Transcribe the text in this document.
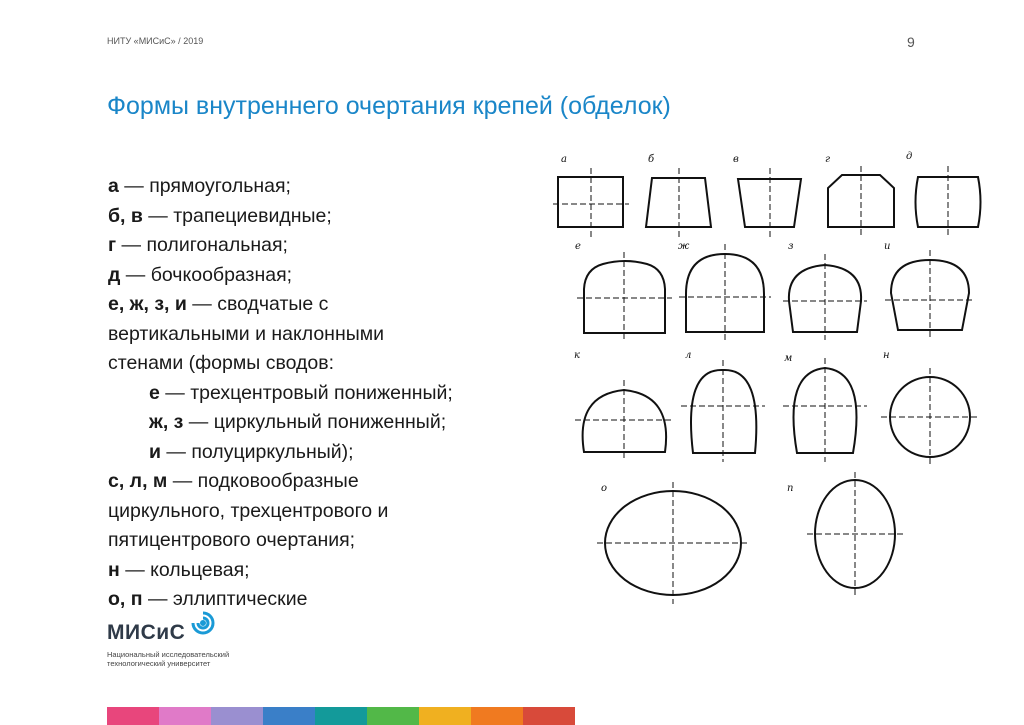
НИТУ «МИСиС» / 2019	9
Формы внутреннего очертания крепей (обделок)
а — прямоугольная;
б, в — трапециевидные;
г — полигональная;
д — бочкообразная;
е, ж, з, и — сводчатые с
вертикальными и наклонными
стенами (формы сводов:
е — трехцентровый пониженный;
ж, з — циркульный пониженный;
и — полуциркульный);
с, л, м — подковообразные
циркульного, трехцентрового и
пятицентрового очертания;
н — кольцевая;
о, п — эллиптические
a	б	в	г	д
е	ж	з	и
к	л	м	н
о	п
МИСиС
Национальный исследовательский
технологический университет
